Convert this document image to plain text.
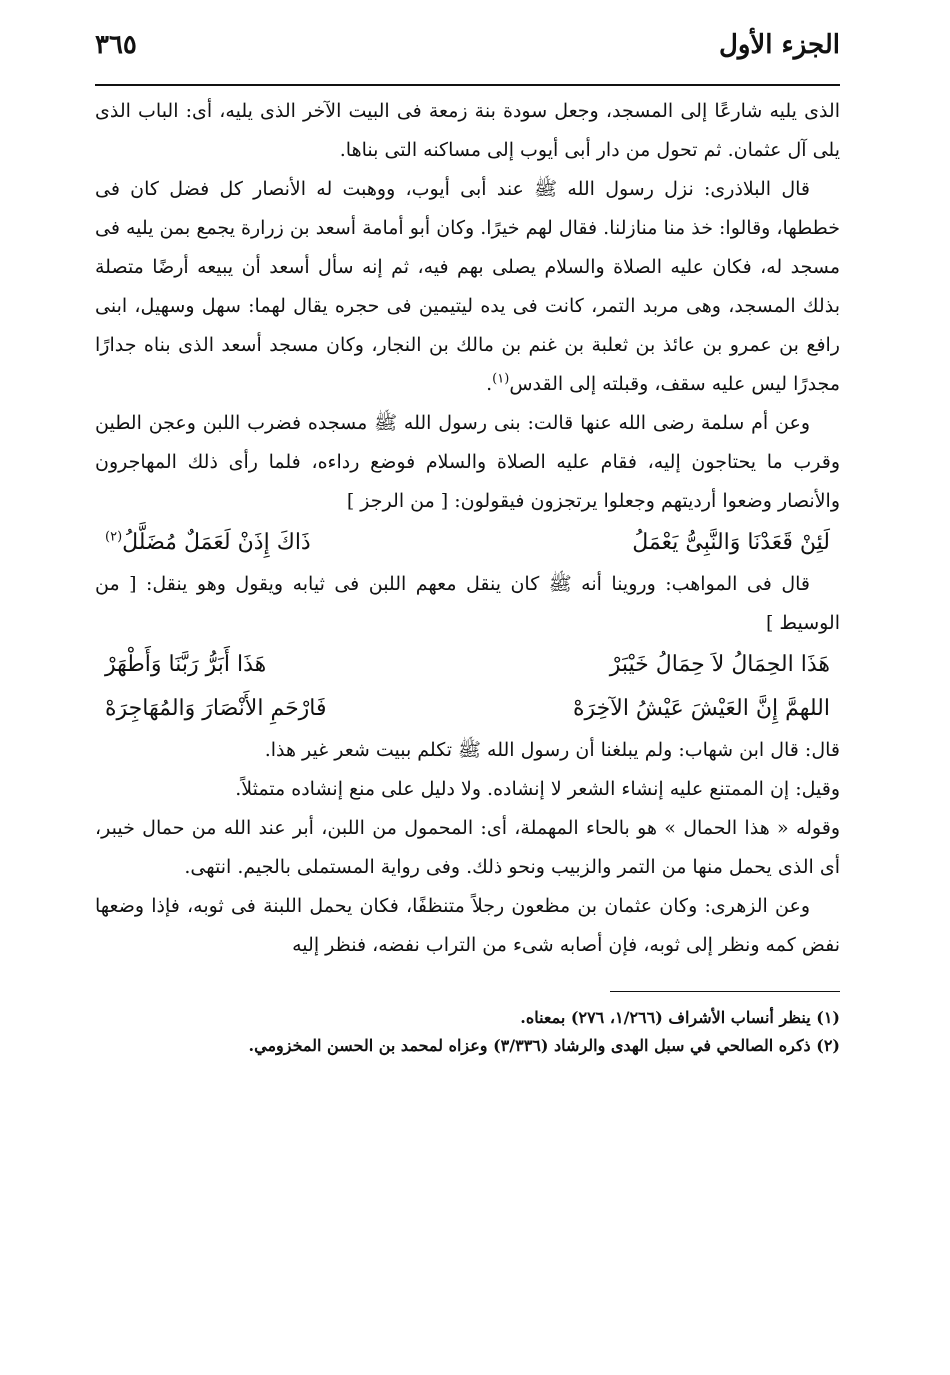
الجزء الأول
٣٦٥

الذى يليه شارعًا إلى المسجد، وجعل سودة بنة زمعة فى البيت الآخر الذى يليه، أى: الباب الذى يلى آل عثمان. ثم تحول من دار أبى أيوب إلى مساكنه التى بناها.

قال البلاذرى: نزل رسول الله ﷺ عند أبى أيوب، ووهبت له الأنصار كل فضل كان فى خططها، وقالوا: خذ منا منازلنا. فقال لهم خيرًا. وكان أبو أمامة أسعد بن زرارة يجمع بمن يليه فى مسجد له، فكان عليه الصلاة والسلام يصلى بهم فيه، ثم إنه سأل أسعد أن يبيعه أرضًا متصلة بذلك المسجد، وهى مربد التمر، كانت فى يده ليتيمين فى حجره يقال لهما: سهل وسهيل، ابنى رافع بن عمرو بن عائذ بن ثعلبة بن غنم بن مالك بن النجار، وكان مسجد أسعد الذى بناه جدارًا مجدرًا ليس عليه سقف، وقبلته إلى القدس$^{(١)}$.

وعن أم سلمة رضى الله عنها قالت: بنى رسول الله ﷺ مسجده فضرب اللبن وعجن الطين وقرب ما يحتاجون إليه، فقام عليه الصلاة والسلام فوضع رداءه، فلما رأى ذلك المهاجرون والأنصار وضعوا أرديتهم وجعلوا يرتجزون فيقولون: [ من الرجز ]

لَئِنْ قَعَدْنَا وَالنَّبِىُّ يَعْمَلُ
ذَاكَ إِذَنْ لَعَمَلٌ مُضَلَّلُ$^{(٢)}$

قال فى المواهب: وروينا أنه ﷺ كان ينقل معهم اللبن فى ثيابه ويقول وهو ينقل: [ من الوسيط ]

هَذَا الحِمَالُ لاَ حِمَالُ خَيْبَرْ
هَذَا أَبَرُّ رَبَّنَا وَأَطْهَرْ
اللهمَّ إِنَّ العَيْشَ عَيْشُ الآخِرَهْ
فَارْحَمِ الأَنْصَارَ وَالمُهَاجِرَهْ

قال: قال ابن شهاب: ولم يبلغنا أن رسول الله ﷺ تكلم ببيت شعر غير هذا.

وقيل: إن الممتنع عليه إنشاء الشعر لا إنشاده. ولا دليل على منع إنشاده متمثلاً.

وقوله « هذا الحمال » هو بالحاء المهملة، أى: المحمول من اللبن، أبر عند الله من حمال خيبر، أى الذى يحمل منها من التمر والزبيب ونحو ذلك. وفى رواية المستملى بالجيم. انتهى.

وعن الزهرى: وكان عثمان بن مظعون رجلاً متنظفًا، فكان يحمل اللبنة فى ثوبه، فإذا وضعها نفض كمه ونظر إلى ثوبه، فإن أصابه شىء من التراب نفضه، فنظر إليه

(١) ينظر أنساب الأشراف (١/٢٦٦، ٢٧٦) بمعناه.
(٢) ذكره الصالحي في سبل الهدى والرشاد (٣/٣٣٦) وعزاه لمحمد بن الحسن المخزومي.
